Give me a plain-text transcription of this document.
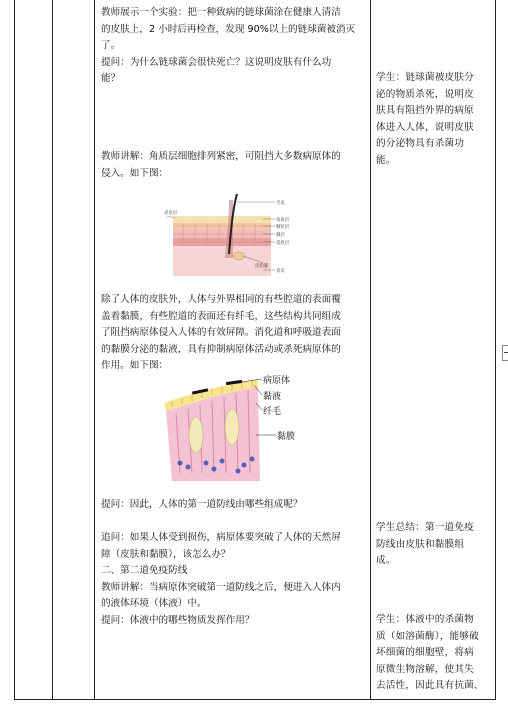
教师展示一个实验：把一种致病的链球菌涂在健康人清洁
的皮肤上，2 小时后再检查，发现 90%以上的链球菌被消灭
了。
提问：为什么链球菌会很快死亡？这说明皮肤有什么功
能？
教师讲解：角质层细胞排列紧密，可阻挡大多数病原体的
侵入。如下图：
毛发
角质层
颗粒层
棘层
基底层
皮脂腺
真皮
表皮层
除了人体的皮肤外，人体与外界相同的有些腔道的表面覆
盖着黏膜，有些腔道的表面还有纤毛，这些结构共同组成
了阻挡病原体侵入人体的有效屏障。消化道和呼吸道表面
的黏膜分泌的黏液，具有抑制病原体活动或杀死病原体的
作用。如下图：
病原体
黏液
纤毛
黏膜
提问：因此，人体的第一道防线由哪些组成呢？
追问：如果人体受到损伤，病原体要突破了人体的天然屏
障（皮肤和黏膜），该怎么办？
二、第二道免疫防线
教师讲解：当病原体突破第一道防线之后，便进入人体内
的液体环境（体液）中。
提问：体液中的哪些物质发挥作用？
学生：链球菌被皮肤分
泌的物质杀死，说明皮
肤具有阻挡外界的病原
体进入人体，说明皮肤
的分泌物具有杀菌功
能。
学生总结：第一道免疫
防线由皮肤和黏膜组
成。
学生：体液中的杀菌物
质（如溶菌酶），能够破
坏细菌的细胞壁，将病
原微生物溶解，使其失
去活性，因此具有抗菌、
